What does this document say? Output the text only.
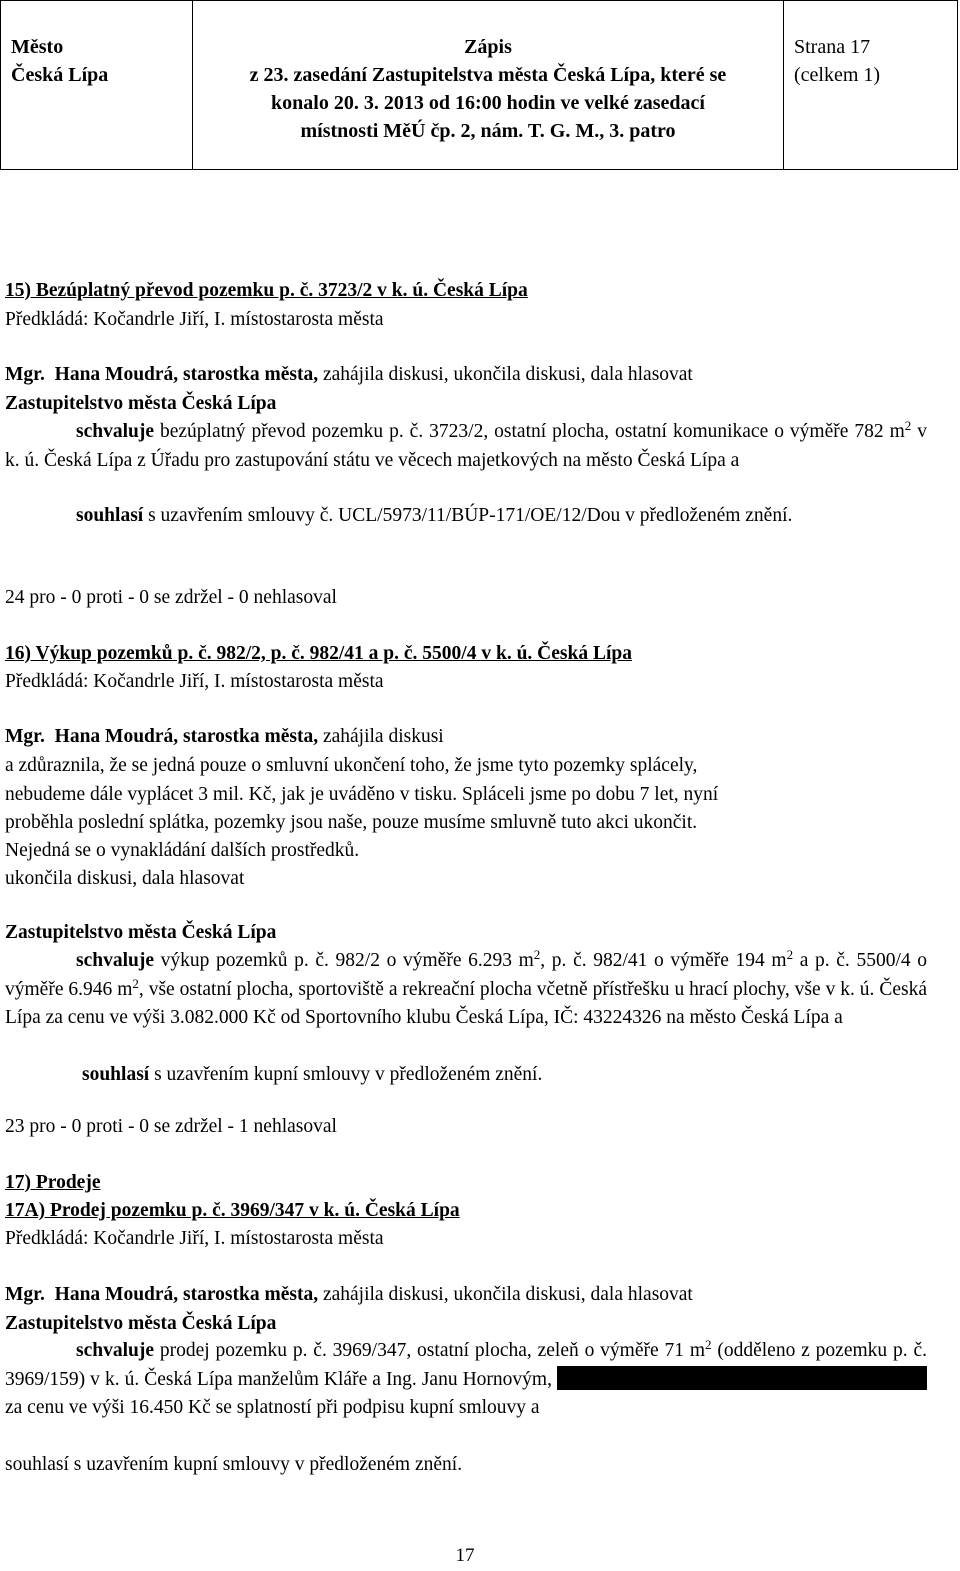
Město
Česká Lípa

Zápis
z 23. zasedání Zastupitelstva města Česká Lípa, které se
konalo 20. 3. 2013 od 16:00 hodin ve velké zasedací
místnosti MěÚ čp. 2, nám. T. G. M., 3. patro

Strana 17
(celkem 1)
15) Bezúplatný převod pozemku p. č. 3723/2 v k. ú. Česká Lípa
Předkládá: Kočandrle Jiří, I. místostarosta města
Mgr. Hana Moudrá, starostka města, zahájila diskusi, ukončila diskusi, dala hlasovat
Zastupitelstvo města Česká Lípa
schvaluje bezúplatný převod pozemku p. č. 3723/2, ostatní plocha, ostatní komunikace o výměře 782 $m^2$ v k. ú. Česká Lípa z Úřadu pro zastupování státu ve věcech majetkových na město Česká Lípa a
souhlasí s uzavřením smlouvy č. UCL/5973/11/BÚP-171/OE/12/Dou v předloženém znění.
24 pro - 0 proti - 0 se zdržel - 0 nehlasoval
16) Výkup pozemků p. č. 982/2, p. č. 982/41 a p. č. 5500/4 v k. ú. Česká Lípa
Předkládá: Kočandrle Jiří, I. místostarosta města
Mgr. Hana Moudrá, starostka města, zahájila diskusi
a zdůraznila, že se jedná pouze o smluvní ukončení toho, že jsme tyto pozemky splácely,
nebudeme dále vyplácet 3 mil. Kč, jak je uváděno v tisku. Spláceli jsme po dobu 7 let, nyní
proběhla poslední splátka, pozemky jsou naše, pouze musíme smluvně tuto akci ukončit.
Nejedná se o vynakládání dalších prostředků.
ukončila diskusi, dala hlasovat
Zastupitelstvo města Česká Lípa
schvaluje výkup pozemků p. č. 982/2 o výměře 6.293 $m^2$, p. č. 982/41 o výměře 194 $m^2$ a p. č. 5500/4 o výměře 6.946 $m^2$, vše ostatní plocha, sportoviště a rekreační plocha včetně přístřešku u hrací plochy, vše v k. ú. Česká Lípa za cenu ve výši 3.082.000 Kč od Sportovního klubu Česká Lípa, IČ: 43224326 na město Česká Lípa a
souhlasí s uzavřením kupní smlouvy v předloženém znění.
23 pro - 0 proti - 0 se zdržel - 1 nehlasoval
17) Prodeje
17A) Prodej pozemku p. č. 3969/347 v k. ú. Česká Lípa
Předkládá: Kočandrle Jiří, I. místostarosta města
Mgr. Hana Moudrá, starostka města, zahájila diskusi, ukončila diskusi, dala hlasovat
Zastupitelstvo města Česká Lípa
schvaluje prodej pozemku p. č. 3969/347, ostatní plocha, zeleň o výměře 71 $m^2$ (odděleno z pozemku p. č. 3969/159) v k. ú. Česká Lípa manželům Kláře a Ing. Janu Hornovým,  za cenu ve výši 16.450 Kč se splatností při podpisu kupní smlouvy a
souhlasí s uzavřením kupní smlouvy v předloženém znění.
17
